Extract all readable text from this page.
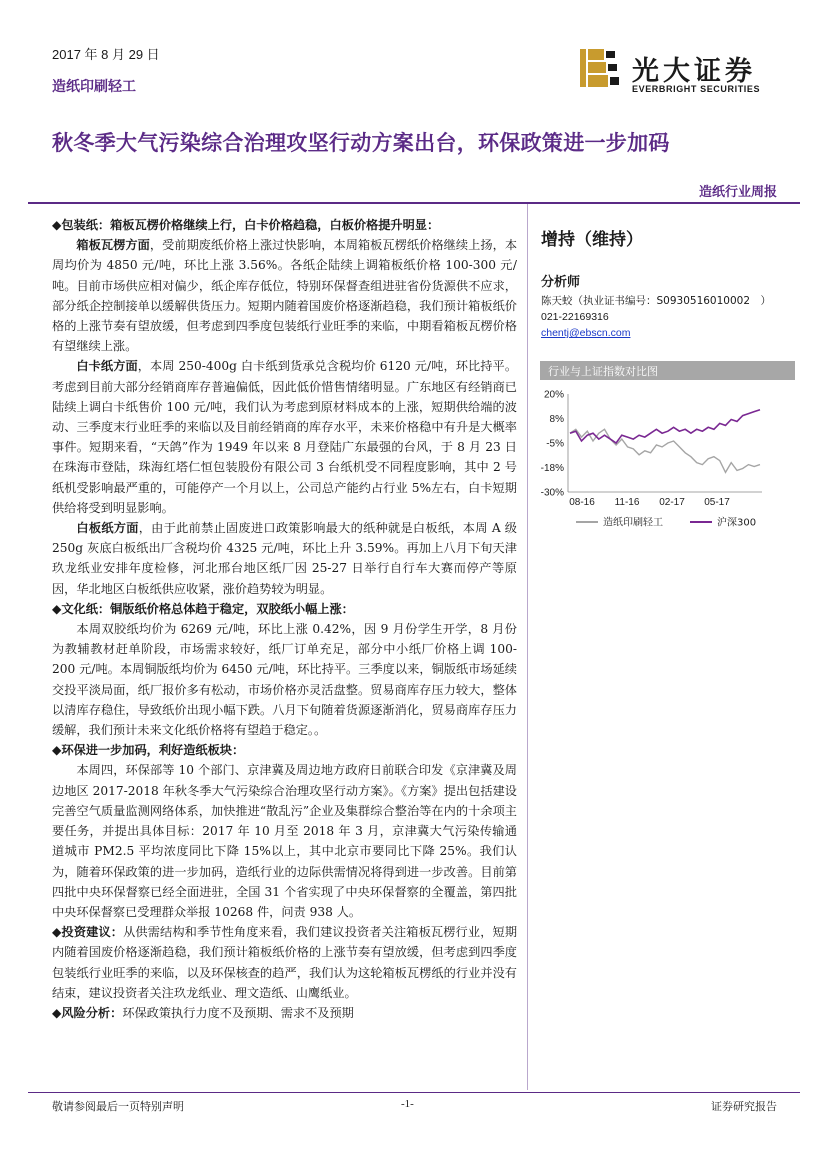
2017 年 8 月 29 日
造纸印刷轻工	光大证券
EVERBRIGHT SECURITIES
秋冬季大气污染综合治理攻坚行动方案出台，环保政策进一步加码
造纸行业周报

◆包装纸：箱板瓦楞价格继续上行，白卡价格趋稳，白板价格提升明显：

箱板瓦楞方面，受前期废纸价格上涨过快影响，本周箱板瓦楞纸价格继续上扬，本周均价为 4850 元/吨，环比上涨 3.56%。各纸企陆续上调箱板纸价格 100-300 元/吨。目前市场供应相对偏少，纸企库存低位，特别环保督查组进驻省份货源供不应求，部分纸企控制接单以缓解供货压力。短期内随着国废价格逐渐趋稳，我们预计箱板纸价格的上涨节奏有望放缓，但考虑到四季度包装纸行业旺季的来临，中期看箱板瓦楞价格有望继续上涨。

白卡纸方面，本周 250-400g 白卡纸到货承兑含税均价 6120 元/吨，环比持平。考虑到目前大部分经销商库存普遍偏低，因此低价惜售情绪明显。广东地区有经销商已陆续上调白卡纸售价 100 元/吨，我们认为考虑到原材料成本的上涨，短期供给端的波动、三季度末行业旺季的来临以及目前经销商的库存水平，未来价格稳中有升是大概率事件。短期来看，“天鸽”作为 1949 年以来 8 月登陆广东最强的台风，于 8 月 23 日在珠海市登陆，珠海红塔仁恒包装股份有限公司 3 台纸机受不同程度影响，其中 2 号纸机受影响最严重的，可能停产一个月以上，公司总产能约占行业 5%左右，白卡短期供给将受到明显影响。

白板纸方面，由于此前禁止固废进口政策影响最大的纸种就是白板纸，本周 A 级 250g 灰底白板纸出厂含税均价 4325 元/吨，环比上升 3.59%。再加上八月下旬天津玖龙纸业安排年度检修，河北邢台地区纸厂因 25-27 日举行自行车大赛而停产等原因，华北地区白板纸供应收紧，涨价趋势较为明显。

◆文化纸：铜版纸价格总体趋于稳定，双胶纸小幅上涨：

本周双胶纸均价为 6269 元/吨，环比上涨 0.42%，因 9 月份学生开学，8 月份为教辅教材赶单阶段，市场需求较好，纸厂订单充足，部分中小纸厂价格上调 100-200 元/吨。本周铜版纸均价为 6450 元/吨，环比持平。三季度以来，铜版纸市场延续交投平淡局面，纸厂报价多有松动，市场价格亦灵活盘整。贸易商库存压力较大，整体以清库存稳住，导致纸价出现小幅下跌。八月下旬随着货源逐渐消化，贸易商库存压力缓解，我们预计未来文化纸价格将有望趋于稳定。。

◆环保进一步加码，利好造纸板块：

本周四，环保部等 10 个部门、京津冀及周边地方政府日前联合印发《京津冀及周边地区 2017-2018 年秋冬季大气污染综合治理攻坚行动方案》。《方案》提出包括建设完善空气质量监测网络体系，加快推进“散乱污”企业及集群综合整治等在内的十余项主要任务，并提出具体目标：2017 年 10 月至 2018 年 3 月，京津冀大气污染传输通道城市 PM2.5 平均浓度同比下降 15%以上，其中北京市要同比下降 25%。我们认为，随着环保政策的进一步加码，造纸行业的边际供需情况将得到进一步改善。目前第四批中央环保督察已经全面进驻，全国 31 个省实现了中央环保督察的全覆盖，第四批中央环保督察已受理群众举报 10268 件，问责 938 人。

◆投资建议：从供需结构和季节性角度来看，我们建议投资者关注箱板瓦楞行业，短期内随着国废价格逐渐趋稳，我们预计箱板纸价格的上涨节奏有望放缓，但考虑到四季度包装纸行业旺季的来临，以及环保核查的趋严，我们认为这轮箱板瓦楞纸的行业并没有结束，建议投资者关注玖龙纸业、理文造纸、山鹰纸业。

◆风险分析：环保政策执行力度不及预期、需求不及预期

增持（维持）
分析师
陈天蛟（执业证书编号：S0930516010002　）
021-22169316
chentj@ebscn.com
行业与上证指数对比图
20%
8%
-5%
-18%
-30%
08-16 11-16 02-17 05-17
造纸印刷轻工	沪深300
敬请参阅最后一页特别声明	-1-	证券研究报告
